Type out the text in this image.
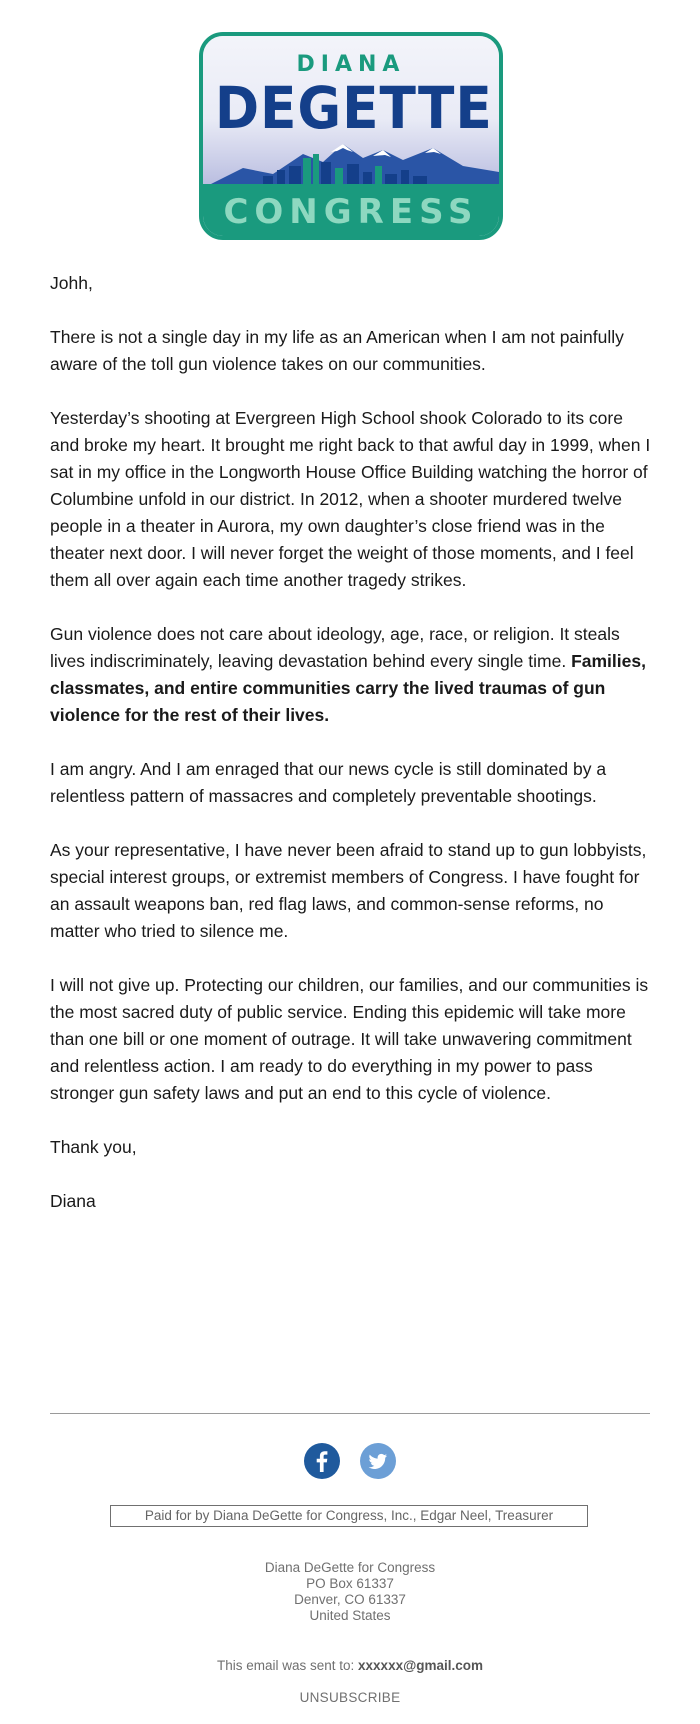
DIANA
DEGETTE
CONGRESS

Johh,

There is not a single day in my life as an American when I am not painfully aware of the toll gun violence takes on our communities.

Yesterday’s shooting at Evergreen High School shook Colorado to its core and broke my heart. It brought me right back to that awful day in 1999, when I sat in my office in the Longworth House Office Building watching the horror of Columbine unfold in our district. In 2012, when a shooter murdered twelve people in a theater in Aurora, my own daughter’s close friend was in the theater next door. I will never forget the weight of those moments, and I feel them all over again each time another tragedy strikes.

Gun violence does not care about ideology, age, race, or religion. It steals lives indiscriminately, leaving devastation behind every single time. Families, classmates, and entire communities carry the lived traumas of gun violence for the rest of their lives.

I am angry. And I am enraged that our news cycle is still dominated by a relentless pattern of massacres and completely preventable shootings.

As your representative, I have never been afraid to stand up to gun lobbyists, special interest groups, or extremist members of Congress. I have fought for an assault weapons ban, red flag laws, and common-sense reforms, no matter who tried to silence me.

I will not give up. Protecting our children, our families, and our communities is the most sacred duty of public service. Ending this epidemic will take more than one bill or one moment of outrage. It will take unwavering commitment and relentless action. I am ready to do everything in my power to pass stronger gun safety laws and put an end to this cycle of violence.

Thank you,

Diana

Paid for by Diana DeGette for Congress, Inc., Edgar Neel, Treasurer
Diana DeGette for Congress
PO Box 61337
Denver, CO 61337
United States
This email was sent to: xxxxxx@gmail.com
UNSUBSCRIBE
